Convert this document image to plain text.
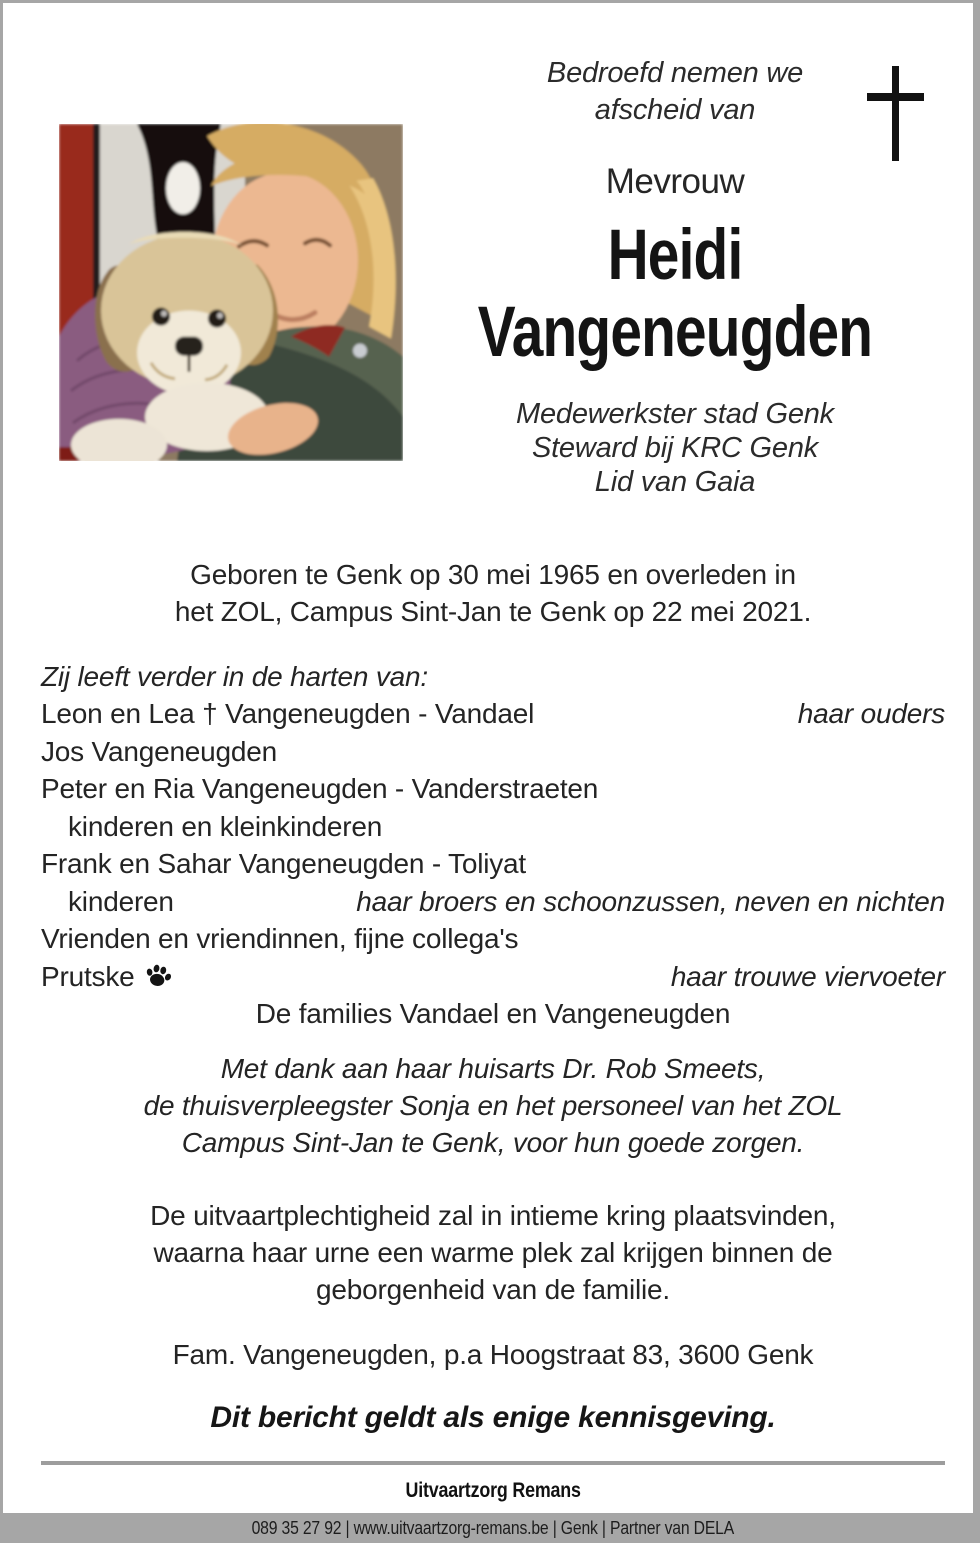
Bedroefd nemen we
afscheid van
Mevrouw
Heidi
Vangeneugden
Medewerkster stad Genk
Steward bij KRC Genk
Lid van Gaia
Geboren te Genk op 30 mei 1965 en overleden in
het ZOL, Campus Sint-Jan te Genk op 22 mei 2021.
Zij leeft verder in de harten van:
Leon en Lea † Vangeneugden - Vandael	haar ouders
Jos Vangeneugden
Peter en Ria Vangeneugden - Vanderstraeten
kinderen en kleinkinderen
Frank en Sahar Vangeneugden - Toliyat
kinderen	haar broers en schoonzussen, neven en nichten
Vrienden en vriendinnen, fijne collega's
Prutske	haar trouwe viervoeter
De families Vandael en Vangeneugden
Met dank aan haar huisarts Dr. Rob Smeets,
de thuisverpleegster Sonja en het personeel van het ZOL
Campus Sint-Jan te Genk, voor hun goede zorgen.
De uitvaartplechtigheid zal in intieme kring plaatsvinden,
waarna haar urne een warme plek zal krijgen binnen de
geborgenheid van de familie.
Fam. Vangeneugden, p.a Hoogstraat 83, 3600 Genk
Dit bericht geldt als enige kennisgeving.
Uitvaartzorg Remans
089 35 27 92 | www.uitvaartzorg-remans.be | Genk | Partner van DELA
